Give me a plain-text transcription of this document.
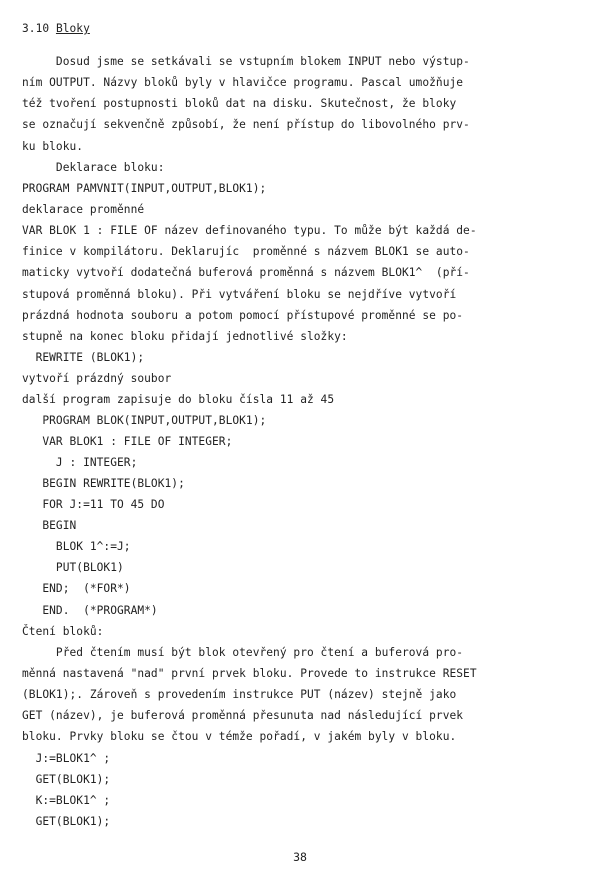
3.10 Bloky
Dosud jsme se setkávali se vstupním blokem INPUT nebo výstup-
ním OUTPUT. Názvy bloků byly v hlavičce programu. Pascal umožňuje
též tvoření postupnosti bloků dat na disku. Skutečnost, že bloky
se označují sekvenčně způsobí, že není přístup do libovolného prv-
ku bloku.
Deklarace bloku:
PROGRAM PAMVNIT(INPUT,OUTPUT,BLOK1);
deklarace proměnné
VAR BLOK 1 : FILE OF název definovaného typu. To může být každá de-
finice v kompilátoru. Deklarujíc  proměnné s názvem BLOK1 se auto-
maticky vytvoří dodatečná buferová proměnná s názvem BLOK1^  (pří-
stupová proměnná bloku). Při vytváření bloku se nejdříve vytvoří
prázdná hodnota souboru a potom pomocí přístupové proměnné se po-
stupně na konec bloku přidají jednotlivé složky:
REWRITE (BLOK1);
vytvoří prázdný soubor
další program zapisuje do bloku čísla 11 až 45
PROGRAM BLOK(INPUT,OUTPUT,BLOK1);
VAR BLOK1 : FILE OF INTEGER;
J : INTEGER;
BEGIN REWRITE(BLOK1);
FOR J:=11 TO 45 DO
BEGIN
BLOK 1^:=J;
PUT(BLOK1)
END;  (*FOR*)
END.  (*PROGRAM*)
Čtení bloků:
Před čtením musí být blok otevřený pro čtení a buferová pro-
měnná nastavená "nad" první prvek bloku. Provede to instrukce RESET
(BLOK1);. Zároveň s provedením instrukce PUT (název) stejně jako
GET (název), je buferová proměnná přesunuta nad následující prvek
bloku. Prvky bloku se čtou v témže pořadí, v jakém byly v bloku.
J:=BLOK1^ ;
GET(BLOK1);
K:=BLOK1^ ;
GET(BLOK1);
38
